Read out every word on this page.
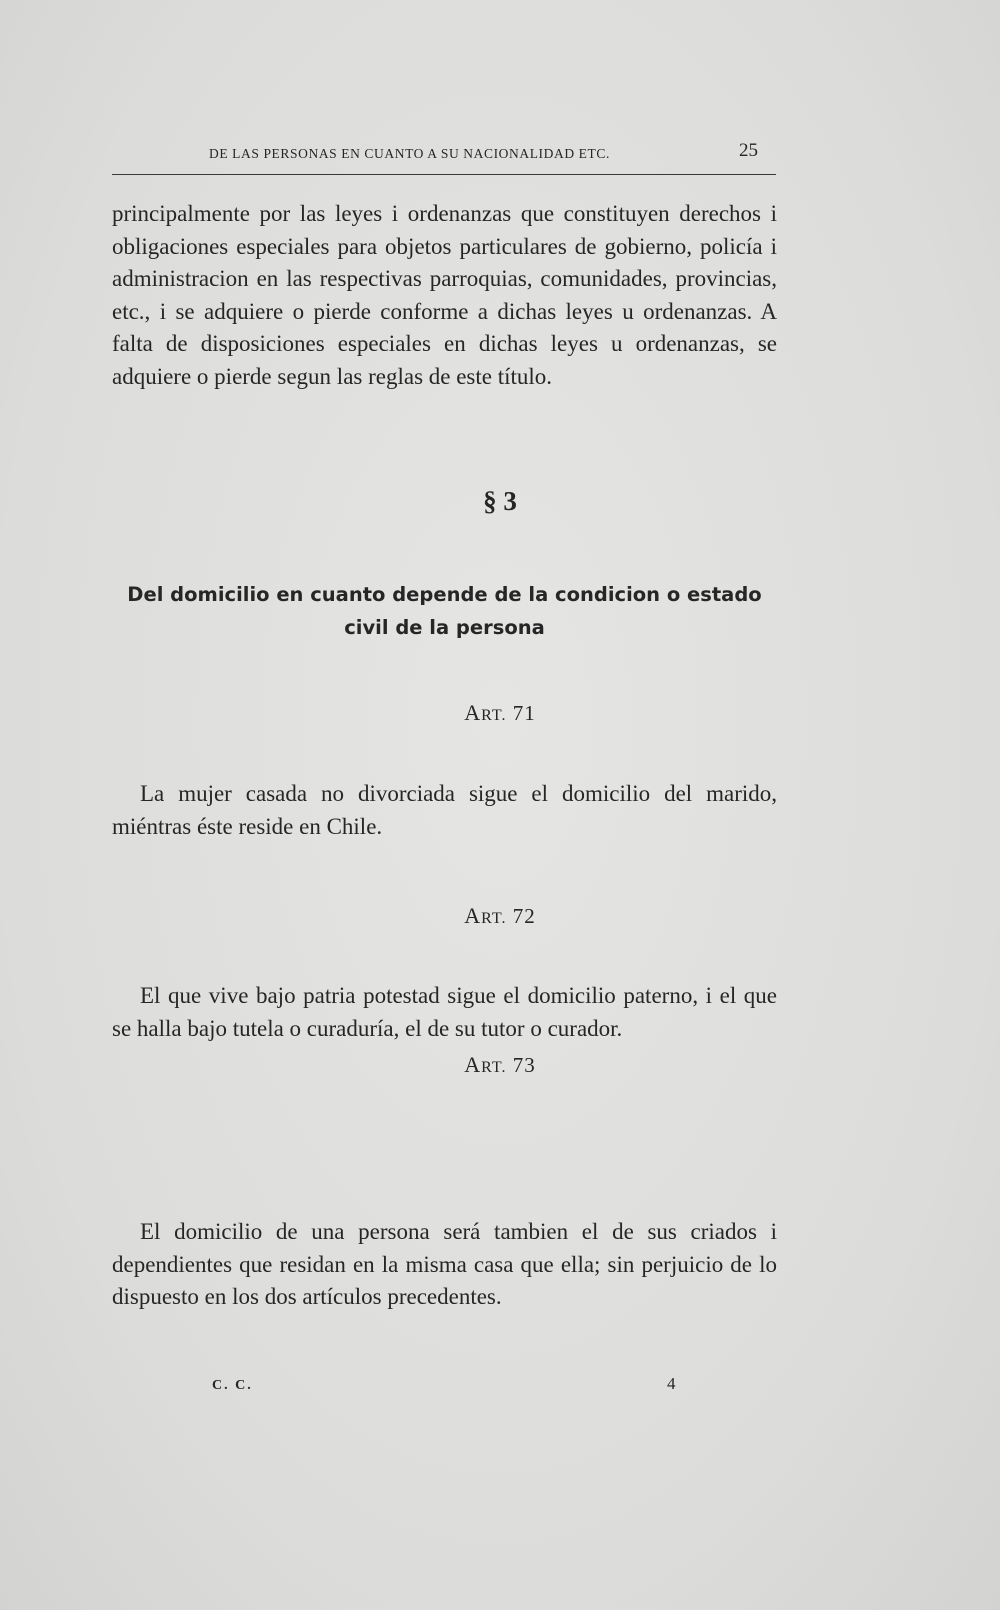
DE LAS PERSONAS EN CUANTO A SU NACIONALIDAD ETC.	25

principalmente por las leyes i ordenanzas que constituyen derechos i obligaciones especiales para objetos particulares de gobierno, policía i administracion en las respectivas parroquias, comunidades, provincias, etc., i se adquiere o pierde conforme a dichas leyes u ordenanzas. A falta de disposiciones especiales en dichas leyes u ordenanzas, se adquiere o pierde segun las reglas de este título.

§ 3
Del domicilio en cuanto depende de la condicion o estado civil de la persona
ART. 71

La mujer casada no divorciada sigue el domicilio del marido, miéntras éste reside en Chile.

ART. 72

El que vive bajo patria potestad sigue el domicilio paterno, i el que se halla bajo tutela o curaduría, el de su tutor o curador.

ART. 73

El domicilio de una persona será tambien el de sus criados i dependientes que residan en la misma casa que ella; sin perjuicio de lo dispuesto en los dos artículos precedentes.

C. C.	4
